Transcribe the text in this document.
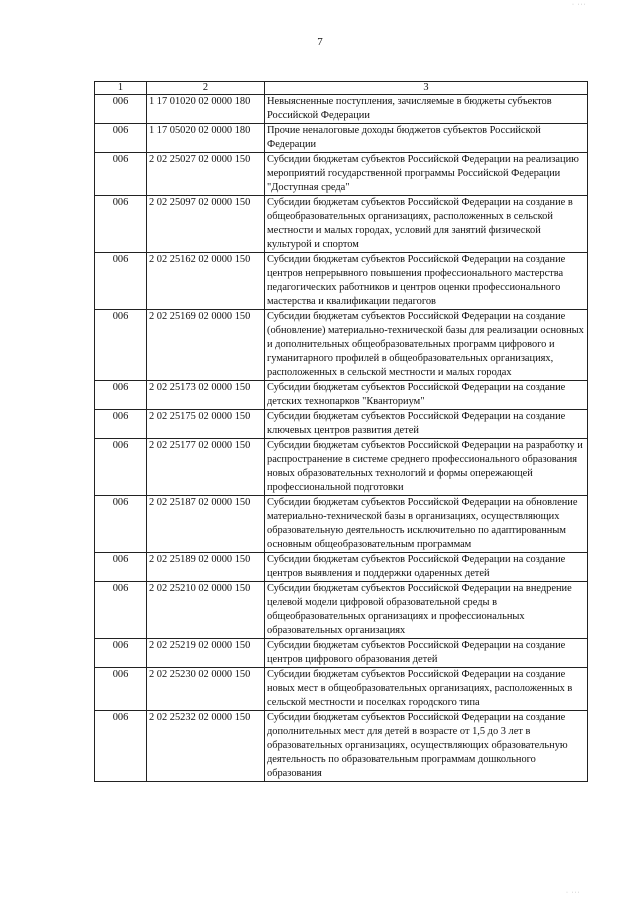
· ···
7
1	2	3
006	1 17 01020 02 0000 180	Невыясненные поступления, зачисляемые в бюджеты субъектов Российской Федерации
006	1 17 05020 02 0000 180	Прочие неналоговые доходы бюджетов субъектов Российской Федерации
006	2 02 25027 02 0000 150	Субсидии бюджетам субъектов Российской Федерации на реализацию мероприятий государственной программы Российской Федерации "Доступная среда"
006	2 02 25097 02 0000 150	Субсидии бюджетам субъектов Российской Федерации на создание в общеобразовательных организациях, расположенных в сельской местности и малых городах, условий для занятий физической культурой и спортом
006	2 02 25162 02 0000 150	Субсидии бюджетам субъектов Российской Федерации на создание центров непрерывного повышения профессионального мастерства педагогических работников и центров оценки профессионального мастерства и квалификации педагогов
006	2 02 25169 02 0000 150	Субсидии бюджетам субъектов Российской Федерации на создание (обновление) материально-технической базы для реализации основных и дополнительных общеобразовательных программ цифрового и гуманитарного профилей в общеобразовательных организациях, расположенных в сельской местности и малых городах
006	2 02 25173 02 0000 150	Субсидии бюджетам субъектов Российской Федерации на создание детских технопарков "Кванториум"
006	2 02 25175 02 0000 150	Субсидии бюджетам субъектов Российской Федерации на создание ключевых центров развития детей
006	2 02 25177 02 0000 150	Субсидии бюджетам субъектов Российской Федерации на разработку и распространение в системе среднего профессионального образования новых образовательных технологий и формы опережающей профессиональной подготовки
006	2 02 25187 02 0000 150	Субсидии бюджетам субъектов Российской Федерации на обновление материально-технической базы в организациях, осуществляющих образовательную деятельность исключительно по адаптированным основным общеобразовательным программам
006	2 02 25189 02 0000 150	Субсидии бюджетам субъектов Российской Федерации на создание центров выявления и поддержки одаренных детей
006	2 02 25210 02 0000 150	Субсидии бюджетам субъектов Российской Федерации на внедрение целевой модели цифровой образовательной среды в общеобразовательных организациях и профессиональных образовательных организациях
006	2 02 25219 02 0000 150	Субсидии бюджетам субъектов Российской Федерации на создание центров цифрового образования детей
006	2 02 25230 02 0000 150	Субсидии бюджетам субъектов Российской Федерации на создание новых мест в общеобразовательных организациях, расположенных в сельской местности и поселках городского типа
006	2 02 25232 02 0000 150	Субсидии бюджетам субъектов Российской Федерации на создание дополнительных мест для детей в возрасте от 1,5 до 3 лет в образовательных организациях, осуществляющих образовательную деятельность по образовательным программам дошкольного образования
· ···
